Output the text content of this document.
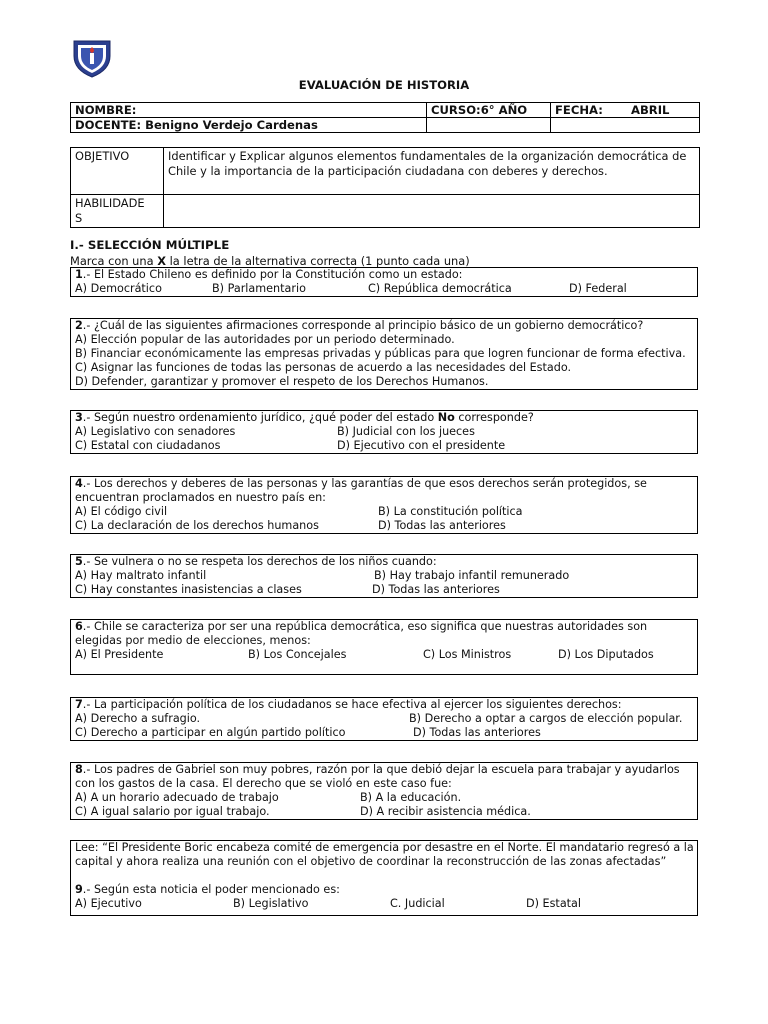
EVALUACIÓN DE HISTORIA
NOMBRE:	CURSO:6° AÑO	FECHA: ABRIL
DOCENTE: Benigno Verdejo Cardenas		
OBJETIVO	Identificar y Explicar algunos elementos fundamentales de la organización democrática de Chile y la importancia de la participación ciudadana con deberes y derechos.
HABILIDADE
S	
I.- SELECCIÓN MÚLTIPLE
Marca con una X la letra de la alternativa correcta (1 punto cada una)
1.- El Estado Chileno es definido por la Constitución como un estado:
A) Democrático	B) Parlamentario	C) República democrática	D) Federal
2.- ¿Cuál de las siguientes afirmaciones corresponde al principio básico de un gobierno democrático?
A) Elección popular de las autoridades por un periodo determinado.
B) Financiar económicamente las empresas privadas y públicas para que logren funcionar de forma efectiva.
C) Asignar las funciones de todas las personas de acuerdo a las necesidades del Estado.
D) Defender, garantizar y promover el respeto de los Derechos Humanos.
3.- Según nuestro ordenamiento jurídico, ¿qué poder del estado No corresponde?
A) Legislativo con senadores	B) Judicial con los jueces
C) Estatal con ciudadanos	D) Ejecutivo con el presidente
4.- Los derechos y deberes de las personas y las garantías de que esos derechos serán protegidos, se encuentran proclamados en nuestro país en:
A) El código civil	B) La constitución política
C) La declaración de los derechos humanos	D) Todas las anteriores
5.- Se vulnera o no se respeta los derechos de los niños cuando:
A) Hay maltrato infantil	B) Hay trabajo infantil remunerado
C) Hay constantes inasistencias a clases	D) Todas las anteriores
6.- Chile se caracteriza por ser una república democrática, eso significa que nuestras autoridades son elegidas por medio de elecciones, menos:
A) El Presidente	B) Los Concejales	C) Los Ministros	D) Los Diputados
7.- La participación política de los ciudadanos se hace efectiva al ejercer los siguientes derechos:
A) Derecho a sufragio.	B) Derecho a optar a cargos de elección popular.
C) Derecho a participar en algún partido político	D) Todas las anteriores
8.- Los padres de Gabriel son muy pobres, razón por la que debió dejar la escuela para trabajar y ayudarlos con los gastos de la casa. El derecho que se violó en este caso fue:
A) A un horario adecuado de trabajo	B) A la educación.
C) A igual salario por igual trabajo.	D) A recibir asistencia médica.
Lee: “El Presidente Boric encabeza comité de emergencia por desastre en el Norte. El mandatario regresó a la capital y ahora realiza una reunión con el objetivo de coordinar la reconstrucción de las zonas afectadas”
9.- Según esta noticia el poder mencionado es:
A) Ejecutivo	B) Legislativo	C. Judicial	D) Estatal
